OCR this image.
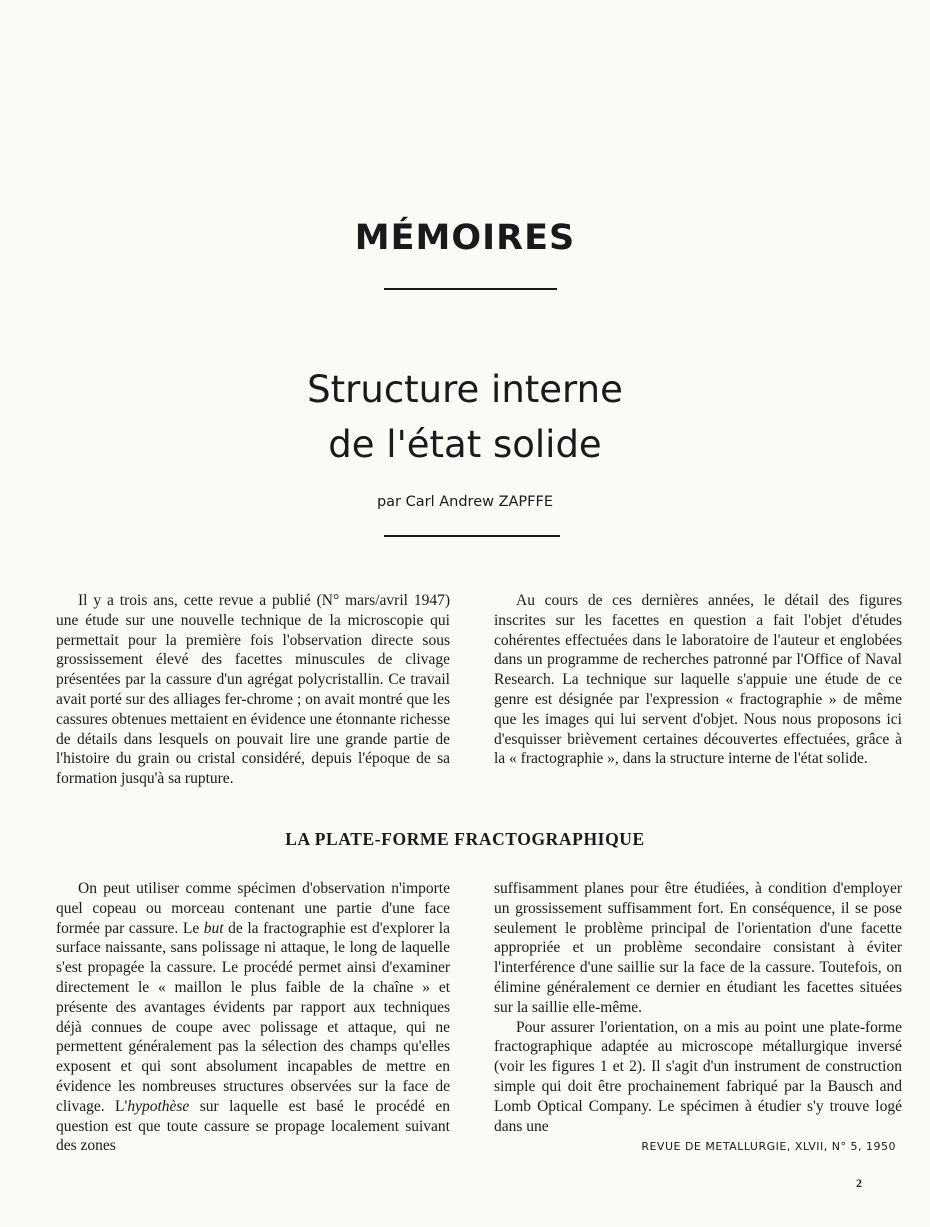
MÉMOIRES
Structure interne
de l'état solide
par Carl Andrew ZAPFFE

Il y a trois ans, cette revue a publié (N° mars/avril 1947) une étude sur une nouvelle technique de la microscopie qui permettait pour la première fois l'observation directe sous grossissement élevé des facettes minuscules de clivage présentées par la cassure d'un agrégat polycristallin. Ce travail avait porté sur des alliages fer-chrome ; on avait montré que les cassures obtenues mettaient en évidence une étonnante richesse de détails dans lesquels on pouvait lire une grande partie de l'histoire du grain ou cristal considéré, depuis l'époque de sa formation jusqu'à sa rupture.

Au cours de ces dernières années, le détail des figures inscrites sur les facettes en question a fait l'objet d'études cohérentes effectuées dans le laboratoire de l'auteur et englobées dans un programme de recherches patronné par l'Office of Naval Research. La technique sur laquelle s'appuie une étude de ce genre est désignée par l'expression « fractographie » de même que les images qui lui servent d'objet. Nous nous proposons ici d'esquisser brièvement certaines découvertes effectuées, grâce à la « fractographie », dans la structure interne de l'état solide.

LA PLATE-FORME FRACTOGRAPHIQUE

On peut utiliser comme spécimen d'observation n'importe quel copeau ou morceau contenant une partie d'une face formée par cassure. Le but de la fractographie est d'explorer la surface naissante, sans polissage ni attaque, le long de laquelle s'est propagée la cassure. Le procédé permet ainsi d'examiner directement le « maillon le plus faible de la chaîne » et présente des avantages évidents par rapport aux techniques déjà connues de coupe avec polissage et attaque, qui ne permettent généralement pas la sélection des champs qu'elles exposent et qui sont absolument incapables de mettre en évidence les nombreuses structures observées sur la face de clivage. L'hypothèse sur laquelle est basé le procédé en question est que toute cassure se propage localement suivant des zones

suffisamment planes pour être étudiées, à condition d'employer un grossissement suffisamment fort. En conséquence, il se pose seulement le problème principal de l'orientation d'une facette appropriée et un problème secondaire consistant à éviter l'interférence d'une saillie sur la face de la cassure. Toutefois, on élimine généralement ce dernier en étudiant les facettes situées sur la saillie elle-même.

Pour assurer l'orientation, on a mis au point une plate-forme fractographique adaptée au microscope métallurgique inversé (voir les figures 1 et 2). Il s'agit d'un instrument de construction simple qui doit être prochainement fabriqué par la Bausch and Lomb Optical Company. Le spécimen à étudier s'y trouve logé dans une

REVUE DE METALLURGIE, XLVII, N° 5, 1950
2
